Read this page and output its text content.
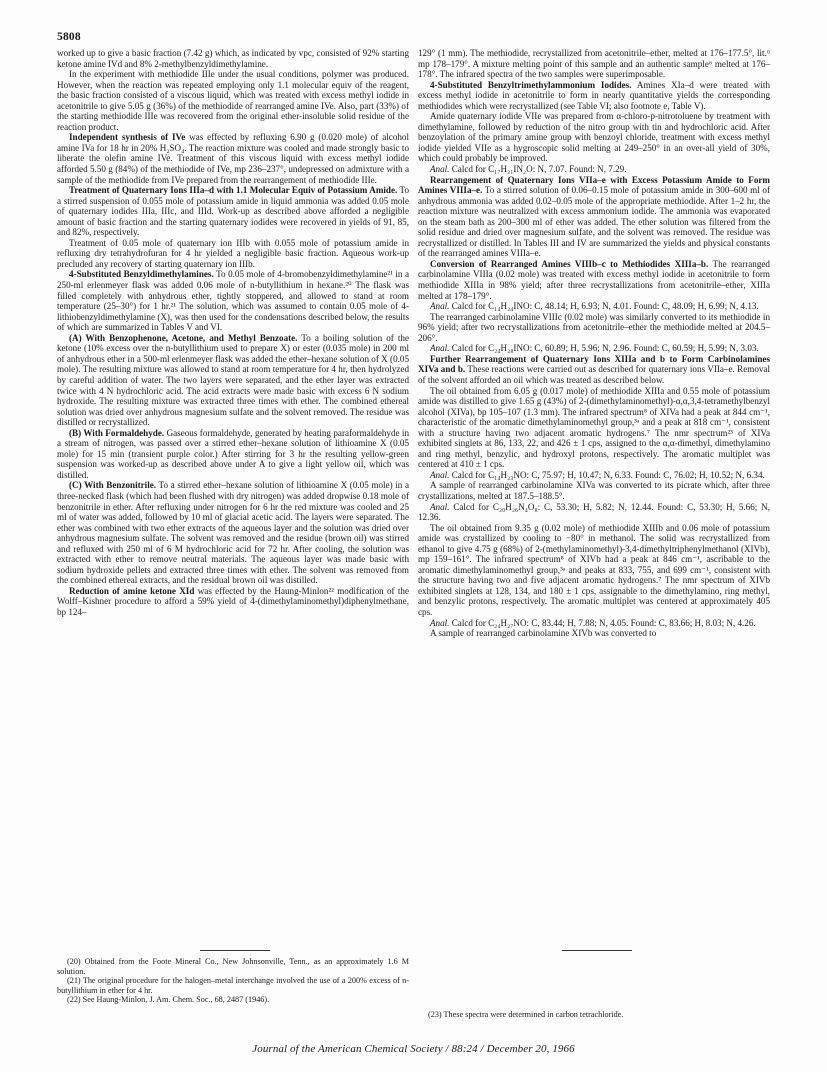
5808

worked up to give a basic fraction (7.42 g) which, as indicated by vpc, consisted of 92% starting ketone amine IVd and 8% 2-methylbenzyldimethylamine.

In the experiment with methiodide IIIe under the usual conditions, polymer was produced. However, when the reaction was repeated employing only 1.1 molecular equiv of the reagent, the basic fraction consisted of a viscous liquid, which was treated with excess methyl iodide in acetonitrile to give 5.05 g (36%) of the methiodide of rearranged amine IVe. Also, part (33%) of the starting methiodide IIIe was recovered from the original ether-insoluble solid residue of the reaction product.

Independent synthesis of IVe was effected by refluxing 6.90 g (0.020 mole) of alcohol amine IVa for 18 hr in 20% H₂SO₄. The reaction mixture was cooled and made strongly basic to liberate the olefin amine IVe. Treatment of this viscous liquid with excess methyl iodide afforded 5.50 g (84%) of the methiodide of IVe, mp 236–237°, undepressed on admixture with a sample of the methiodide from IVe prepared from the rearrangement of methiodide IIIe.

Treatment of Quaternary Ions IIIa–d with 1.1 Molecular Equiv of Potassium Amide. To a stirred suspension of 0.055 mole of potassium amide in liquid ammonia was added 0.05 mole of quaternary iodides IIIa, IIIc, and IIId. Work-up as described above afforded a negligible amount of basic fraction and the starting quaternary iodides were recovered in yields of 91, 85, and 82%, respectively.

Treatment of 0.05 mole of quaternary ion IIIb with 0.055 mole of potassium amide in refluxing dry tetrahydrofuran for 4 hr yielded a negligible basic fraction. Aqueous work-up precluded any recovery of starting quaternary ion IIIb.

4-Substituted Benzyldimethylamines. To 0.05 mole of 4-bromobenzyldimethylamine²¹ in a 250-ml erlenmeyer flask was added 0.06 mole of n-butyllithium in hexane.²⁰ The flask was filled completely with anhydrous ether, tightly stoppered, and allowed to stand at room temperature (25–30°) for 1 hr.²¹ The solution, which was assumed to contain 0.05 mole of 4-lithiobenzyldimethylamine (X), was then used for the condensations described below, the results of which are summarized in Tables V and VI.

(A) With Benzophenone, Acetone, and Methyl Benzoate. To a boiling solution of the ketone (10% excess over the n-butyllithium used to prepare X) or ester (0.035 mole) in 200 ml of anhydrous ether in a 500-ml erlenmeyer flask was added the ether–hexane solution of X (0.05 mole). The resulting mixture was allowed to stand at room temperature for 4 hr, then hydrolyzed by careful addition of water. The two layers were separated, and the ether layer was extracted twice with 4 N hydrochloric acid. The acid extracts were made basic with excess 6 N sodium hydroxide. The resulting mixture was extracted three times with ether. The combined ethereal solution was dried over anhydrous magnesium sulfate and the solvent removed. The residue was distilled or recrystallized.

(B) With Formaldehyde. Gaseous formaldehyde, generated by heating paraformaldehyde in a stream of nitrogen, was passed over a stirred ether–hexane solution of lithioamine X (0.05 mole) for 15 min (transient purple color.) After stirring for 3 hr the resulting yellow-green suspension was worked-up as described above under A to give a light yellow oil, which was distilled.

(C) With Benzonitrile. To a stirred ether–hexane solution of lithioamine X (0.05 mole) in a three-necked flask (which had been flushed with dry nitrogen) was added dropwise 0.18 mole of benzonitrile in ether. After refluxing under nitrogen for 6 hr the red mixture was cooled and 25 ml of water was added, followed by 10 ml of glacial acetic acid. The layers were separated. The ether was combined with two ether extracts of the aqueous layer and the solution was dried over anhydrous magnesium sulfate. The solvent was removed and the residue (brown oil) was stirred and refluxed with 250 ml of 6 M hydrochloric acid for 72 hr. After cooling, the solution was extracted with ether to remove neutral materials. The aqueous layer was made basic with sodium hydroxide pellets and extracted three times with ether. The solvent was removed from the combined ethereal extracts, and the residual brown oil was distilled.

Reduction of amine ketone XId was effected by the Haung-Minlon²² modification of the Wolff–Kishner procedure to afford a 59% yield of 4-(dimethylaminomethyl)diphenylmethane, bp 124–

129° (1 mm). The methiodide, recrystallized from acetonitrile–ether, melted at 176–177.5°, lit.⁶ mp 178–179°. A mixture melting point of this sample and an authentic sample⁶ melted at 176–178°. The infrared spectra of the two samples were superimposable.

4-Substituted Benzyltrimethylammonium Iodides. Amines XIa–d were treated with excess methyl iodide in acetonitrile to form in nearly quantitative yields the corresponding methiodides which were recrystallized (see Table VI; also footnote e, Table V).

Amide quaternary iodide VIIe was prepared from α-chloro-p-nitrotoluene by treatment with dimethylamine, followed by reduction of the nitro group with tin and hydrochloric acid. After benzoylation of the primary amine group with benzoyl chloride, treatment with excess methyl iodide yielded VIIe as a hygroscopic solid melting at 249–250° in an over-all yield of 30%, which could probably be improved.

Anal. Calcd for C₁₇H₂₁IN₂O: N, 7.07. Found: N, 7.29.

Rearrangement of Quaternary Ions VIIa–e with Excess Potassium Amide to Form Amines VIIIa–e. To a stirred solution of 0.06–0.15 mole of potassium amide in 300–600 ml of anhydrous ammonia was added 0.02–0.05 mole of the appropriate methiodide. After 1–2 hr, the reaction mixture was neutralized with excess ammonium iodide. The ammonia was evaporated on the steam bath as 200–300 ml of ether was added. The ether solution was filtered from the solid residue and dried over magnesium sulfate, and the solvent was removed. The residue was recrystallized or distilled. In Tables III and IV are summarized the yields and physical constants of the rearranged amines VIIIa–e.

Conversion of Rearranged Amines VIIIb–c to Methiodides XIIIa–b. The rearranged carbinolamine VIIIa (0.02 mole) was treated with excess methyl iodide in acetonitrile to form methiodide XIIIa in 98% yield; after three recrystallizations from acetonitrile–ether, XIIIa melted at 178–179°.

Anal. Calcd for C₁₄H₂₄INO: C, 48.14; H, 6.93; N, 4.01. Found: C, 48.09; H, 6.99; N, 4.13.

The rearranged carbinolamine VIIIc (0.02 mole) was similarly converted to its methiodide in 96% yield; after two recrystallizations from acetonitrile–ether the methiodide melted at 204.5–206°.

Anal. Calcd for C₂₄H₂₈INO: C, 60.89; H, 5.96; N, 2.96. Found: C, 60.59; H, 5.99; N, 3.03.

Further Rearrangement of Quaternary Ions XIIIa and b to Form Carbinolamines XIVa and b. These reactions were carried out as described for quaternary ions VIIa–e. Removal of the solvent afforded an oil which was treated as described below.

The oil obtained from 6.05 g (0.017 mole) of methiodide XIIIa and 0.55 mole of potassium amide was distilled to give 1.65 g (43%) of 2-(dimethylaminomethyl)-α,α,3,4-tetramethylbenzyl alcohol (XIVa), bp 105–107 (1.3 mm). The infrared spectrum⁸ of XIVa had a peak at 844 cm⁻¹, characteristic of the aromatic dimethylaminomethyl group,³ᵃ and a peak at 818 cm⁻¹, consistent with a structure having two adjacent aromatic hydrogens.⁷ The nmr spectrum²³ of XIVa exhibited singlets at 86, 133, 22, and 426 ± 1 cps, assigned to the α,α-dimethyl, dimethylamino and ring methyl, benzylic, and hydroxyl protons, respectively. The aromatic multiplet was centered at 410 ± 1 cps.

Anal. Calcd for C₁₄H₂₃NO: C, 75.97; H, 10.47; N, 6.33. Found: C, 76.02; H, 10.52; N, 6.34.

A sample of rearranged carbinolamine XIVa was converted to its picrate which, after three crystallizations, melted at 187.5–188.5°.

Anal. Calcd for C₂₀H₂₆N₄O₈: C, 53.30; H, 5.82; N, 12.44. Found: C, 53.30; H, 5.66; N, 12.36.

The oil obtained from 9.35 g (0.02 mole) of methiodide XIIIb and 0.06 mole of potassium amide was crystallized by cooling to −80° in methanol. The solid was recrystallized from ethanol to give 4.75 g (68%) of 2-(methylaminomethyl)-3,4-dimethyltriphenylmethanol (XIVb), mp 159–161°. The infrared spectrum⁸ of XIVb had a peak at 846 cm⁻¹, ascribable to the aromatic dimethylaminomethyl group,³ᵃ and peaks at 833, 755, and 699 cm⁻¹, consistent with the structure having two and five adjacent aromatic hydrogens.⁷ The nmr spectrum of XIVb exhibited singlets at 128, 134, and 180 ± 1 cps, assignable to the dimethylamino, ring methyl, and benzylic protons, respectively. The aromatic multiplet was centered at approximately 405 cps.

Anal. Calcd for C₂₄H₂₇NO: C, 83.44; H, 7.88; N, 4.05. Found: C, 83.66; H, 8.03; N, 4.26.

A sample of rearranged carbinolamine XIVb was converted to

(20) Obtained from the Foote Mineral Co., New Johnsonville, Tenn., as an approximately 1.6 M solution.

(21) The original procedure for the halogen–metal interchange involved the use of a 200% excess of n-butyllithium in ether for 4 hr.

(22) See Haung-Minlon, J. Am. Chem. Soc., 68, 2487 (1946).

(23) These spectra were determined in carbon tetrachloride.

Journal of the American Chemical Society / 88:24 / December 20, 1966
